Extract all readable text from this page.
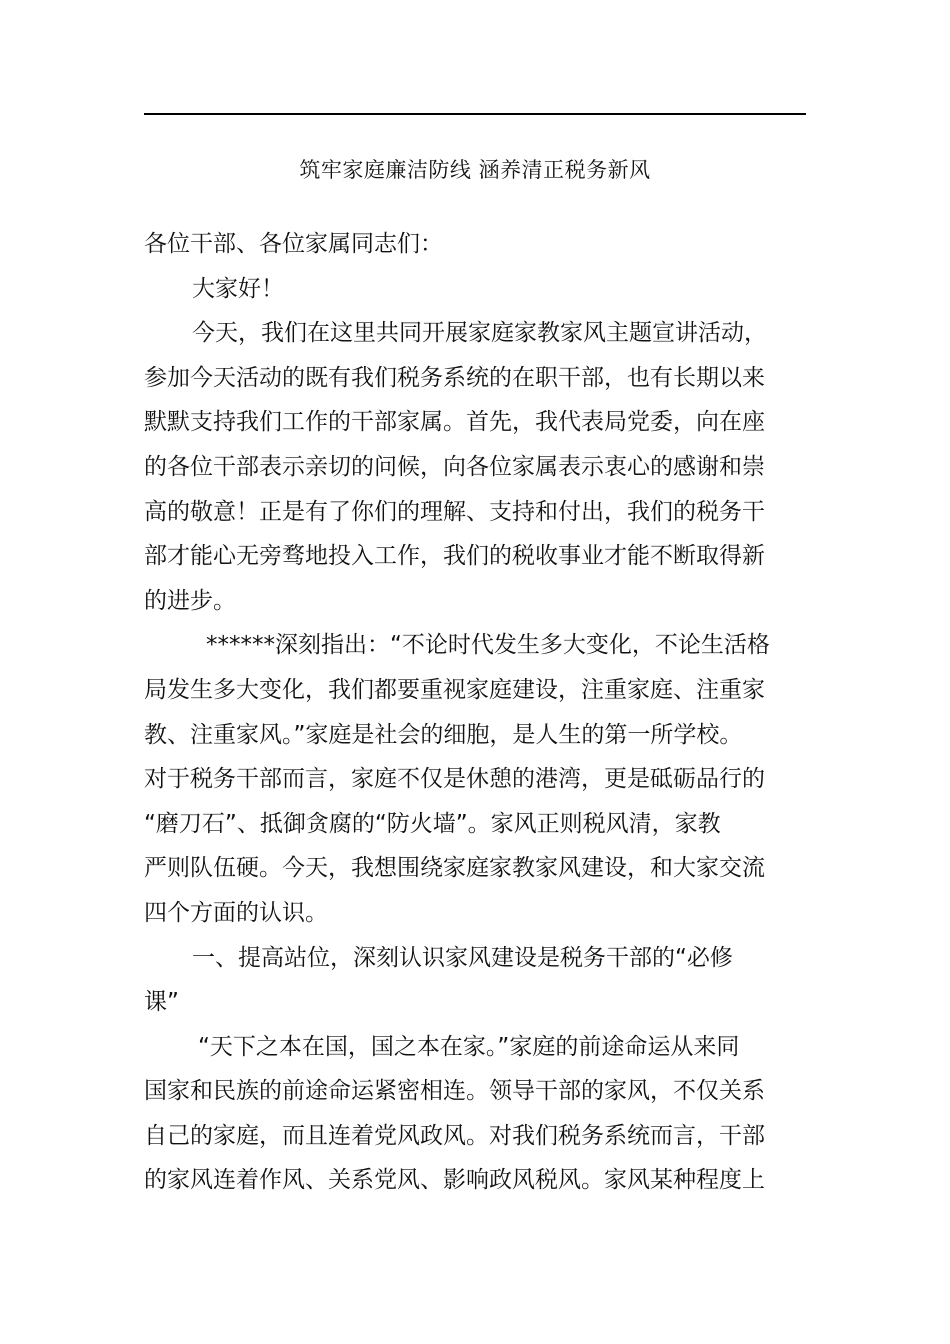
筑牢家庭廉洁防线 涵养清正税务新风
各位干部、各位家属同志们：
大家好！
今天，我们在这里共同开展家庭家教家风主题宣讲活动，
参加今天活动的既有我们税务系统的在职干部，也有长期以来
默默支持我们工作的干部家属。首先，我代表局党委，向在座
的各位干部表示亲切的问候，向各位家属表示衷心的感谢和崇
高的敬意！正是有了你们的理解、支持和付出，我们的税务干
部才能心无旁骛地投入工作，我们的税收事业才能不断取得新
的进步。
******深刻指出：“不论时代发生多大变化，不论生活格
局发生多大变化，我们都要重视家庭建设，注重家庭、注重家
教、注重家风。”家庭是社会的细胞，是人生的第一所学校。
对于税务干部而言，家庭不仅是休憩的港湾，更是砥砺品行的
“磨刀石”、抵御贪腐的“防火墙”。家风正则税风清，家教
严则队伍硬。今天，我想围绕家庭家教家风建设，和大家交流
四个方面的认识。
一、提高站位，深刻认识家风建设是税务干部的“必修
课”
“天下之本在国，国之本在家。”家庭的前途命运从来同
国家和民族的前途命运紧密相连。领导干部的家风，不仅关系
自己的家庭，而且连着党风政风。对我们税务系统而言，干部
的家风连着作风、关系党风、影响政风税风。家风某种程度上
